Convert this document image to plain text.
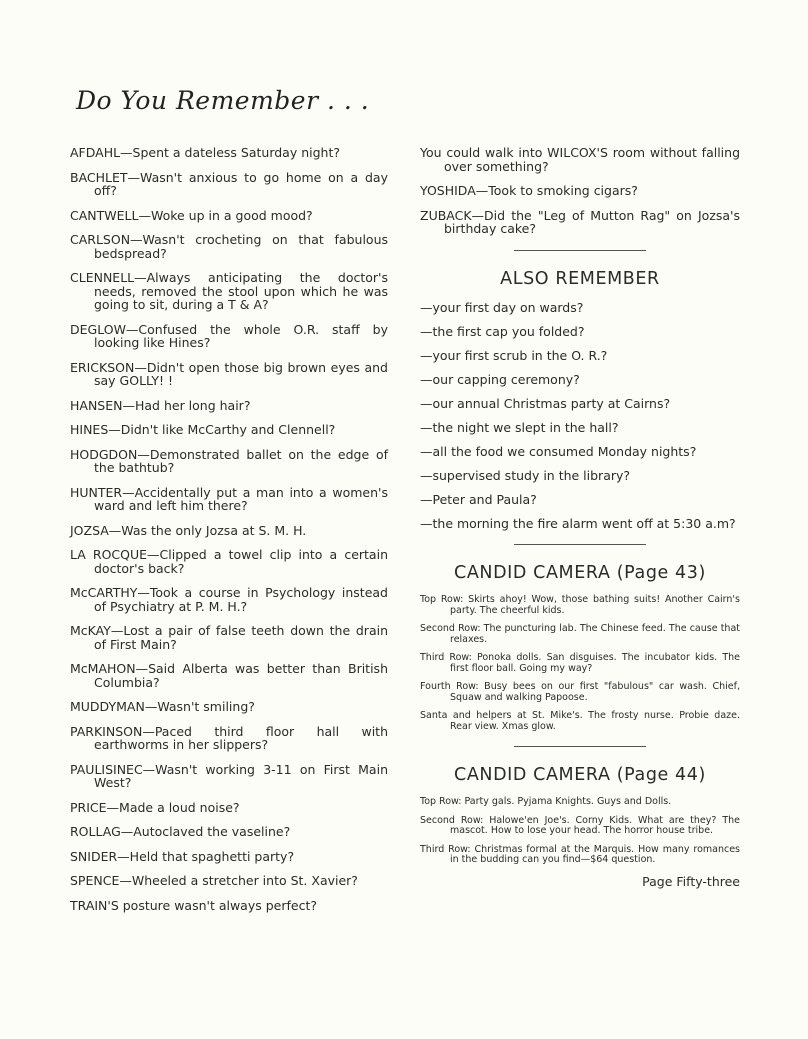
Do You Remember . . .

AFDAHL—Spent a dateless Saturday night?

BACHLET—Wasn't anxious to go home on a day off?

CANTWELL—Woke up in a good mood?

CARLSON—Wasn't crocheting on that fabulous bedspread?

CLENNELL—Always anticipating the doctor's needs, removed the stool upon which he was going to sit, during a T & A?

DEGLOW—Confused the whole O.R. staff by looking like Hines?

ERICKSON—Didn't open those big brown eyes and say GOLLY! !

HANSEN—Had her long hair?

HINES—Didn't like McCarthy and Clennell?

HODGDON—Demonstrated ballet on the edge of the bathtub?

HUNTER—Accidentally put a man into a women's ward and left him there?

JOZSA—Was the only Jozsa at S. M. H.

LA ROCQUE—Clipped a towel clip into a certain doctor's back?

McCARTHY—Took a course in Psychology instead of Psychiatry at P. M. H.?

McKAY—Lost a pair of false teeth down the drain of First Main?

McMAHON—Said Alberta was better than British Columbia?

MUDDYMAN—Wasn't smiling?

PARKINSON—Paced third floor hall with earthworms in her slippers?

PAULISINEC—Wasn't working 3-11 on First Main West?

PRICE—Made a loud noise?

ROLLAG—Autoclaved the vaseline?

SNIDER—Held that spaghetti party?

SPENCE—Wheeled a stretcher into St. Xavier?

TRAIN'S posture wasn't always perfect?

You could walk into WILCOX'S room without falling over something?

YOSHIDA—Took to smoking cigars?

ZUBACK—Did the "Leg of Mutton Rag" on Jozsa's birthday cake?

ALSO REMEMBER

—your first day on wards?

—the first cap you folded?

—your first scrub in the O. R.?

—our capping ceremony?

—our annual Christmas party at Cairns?

—the night we slept in the hall?

—all the food we consumed Monday nights?

—supervised study in the library?

—Peter and Paula?

—the morning the fire alarm went off at 5:30 a.m?

CANDID CAMERA (Page 43)

Top Row: Skirts ahoy! Wow, those bathing suits! Another Cairn's party. The cheerful kids.

Second Row: The puncturing lab. The Chinese feed. The cause that relaxes.

Third Row: Ponoka dolls. San disguises. The incubator kids. The first floor ball. Going my way?

Fourth Row: Busy bees on our first "fabulous" car wash. Chief, Squaw and walking Papoose.

Santa and helpers at St. Mike's. The frosty nurse. Probie daze. Rear view. Xmas glow.

CANDID CAMERA (Page 44)

Top Row: Party gals. Pyjama Knights. Guys and Dolls.

Second Row: Halowe'en Joe's. Corny Kids. What are they? The mascot. How to lose your head. The horror house tribe.

Third Row: Christmas formal at the Marquis. How many romances in the budding can you find—$64 question.

Page Fifty-three
